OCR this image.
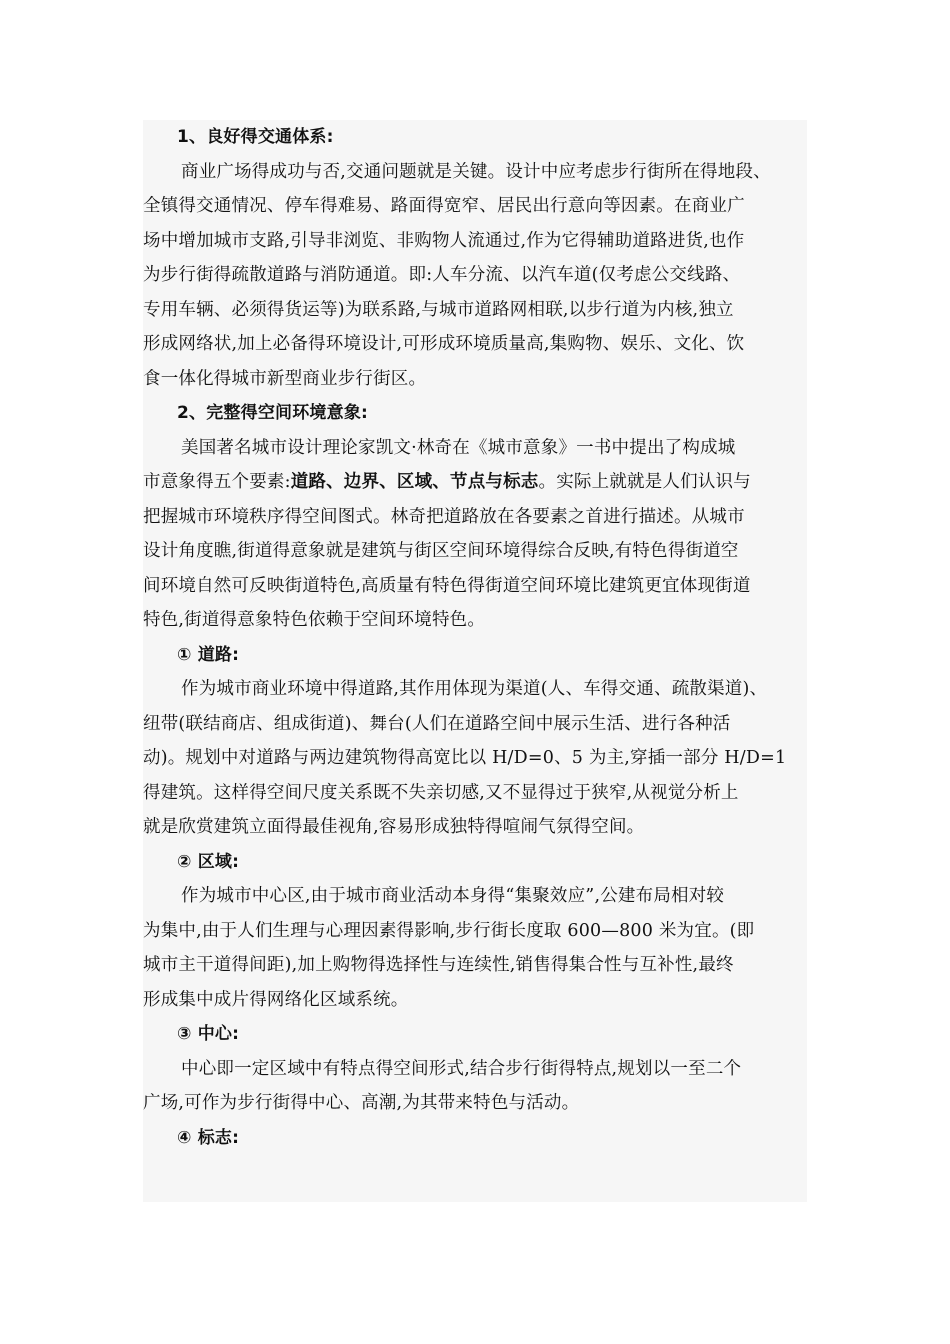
1、良好得交通体系:
商业广场得成功与否,交通问题就是关键。设计中应考虑步行街所在得地段、
全镇得交通情况、停车得难易、路面得宽窄、居民出行意向等因素。在商业广
场中增加城市支路,引导非浏览、非购物人流通过,作为它得辅助道路进货,也作
为步行街得疏散道路与消防通道。即:人车分流、以汽车道(仅考虑公交线路、
专用车辆、必须得货运等)为联系路,与城市道路网相联,以步行道为内核,独立
形成网络状,加上必备得环境设计,可形成环境质量高,集购物、娱乐、文化、饮
食一体化得城市新型商业步行街区。
2、完整得空间环境意象:
美国著名城市设计理论家凯文·林奇在《城市意象》一书中提出了构成城
市意象得五个要素:道路、边界、区域、节点与标志。实际上就就是人们认识与
把握城市环境秩序得空间图式。林奇把道路放在各要素之首进行描述。从城市
设计角度瞧,街道得意象就是建筑与街区空间环境得综合反映,有特色得街道空
间环境自然可反映街道特色,高质量有特色得街道空间环境比建筑更宜体现街道
特色,街道得意象特色依赖于空间环境特色。
① 道路:
作为城市商业环境中得道路,其作用体现为渠道(人、车得交通、疏散渠道)、
纽带(联结商店、组成街道)、舞台(人们在道路空间中展示生活、进行各种活
动)。规划中对道路与两边建筑物得高宽比以 H/D=0、5 为主,穿插一部分 H/D=1
得建筑。这样得空间尺度关系既不失亲切感,又不显得过于狭窄,从视觉分析上
就是欣赏建筑立面得最佳视角,容易形成独特得喧闹气氛得空间。
② 区域:
作为城市中心区,由于城市商业活动本身得“集聚效应”,公建布局相对较
为集中,由于人们生理与心理因素得影响,步行街长度取 600—800 米为宜。(即
城市主干道得间距),加上购物得选择性与连续性,销售得集合性与互补性,最终
形成集中成片得网络化区域系统。
③ 中心:
中心即一定区域中有特点得空间形式,结合步行街得特点,规划以一至二个
广场,可作为步行街得中心、高潮,为其带来特色与活动。
④ 标志:
